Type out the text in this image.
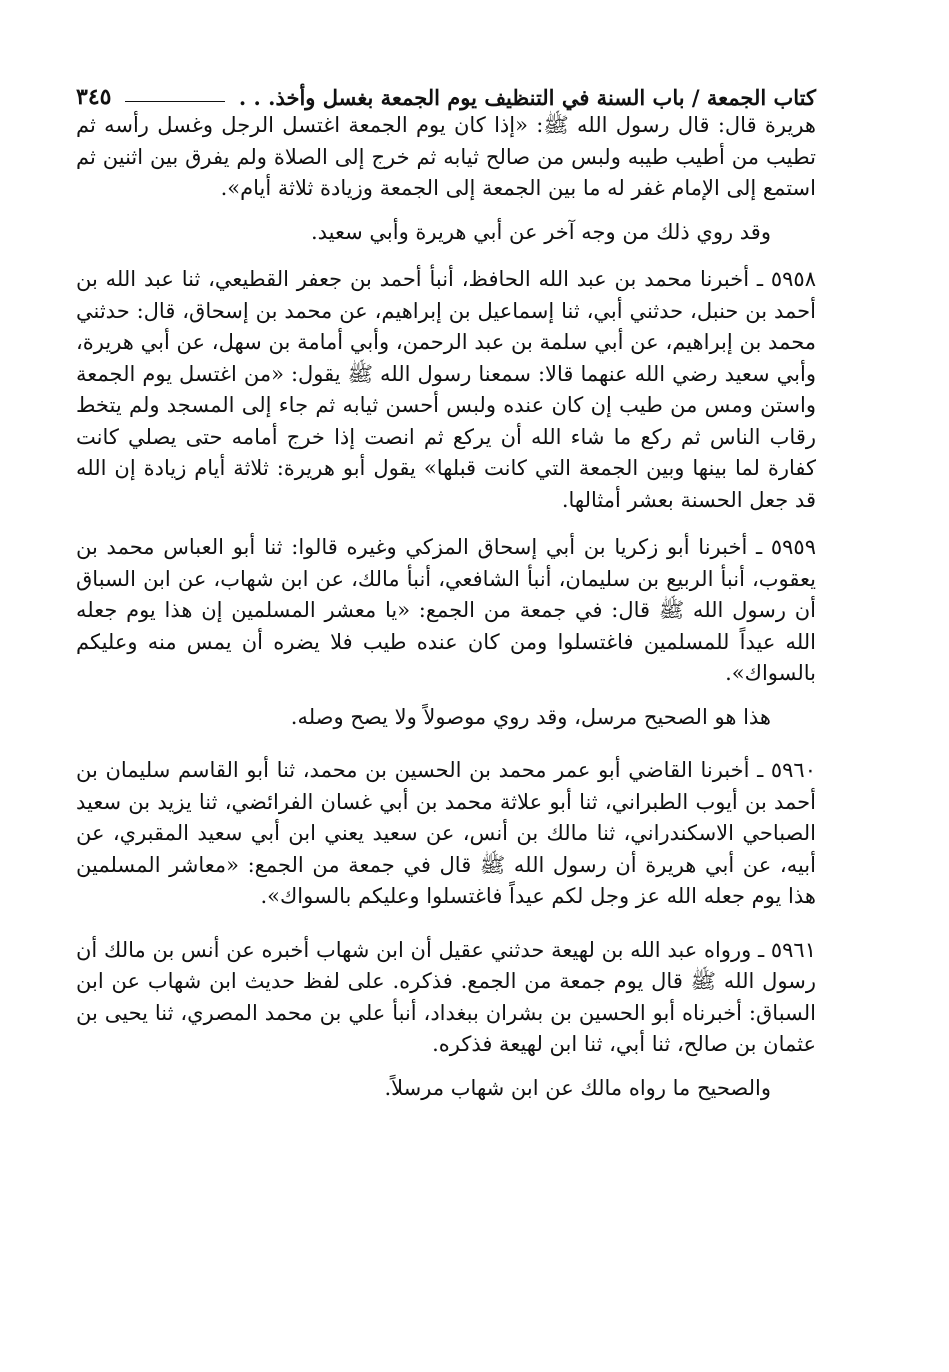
كتاب الجمعة / باب السنة في التنظيف يوم الجمعة بغسل وأخذ. . .
٣٤٥

هريرة قال: قال رسول الله ﷺ: «إذا كان يوم الجمعة اغتسل الرجل وغسل رأسه ثم تطيب من أطيب طيبه ولبس من صالح ثيابه ثم خرج إلى الصلاة ولم يفرق بين اثنين ثم استمع إلى الإمام غفر له ما بين الجمعة إلى الجمعة وزيادة ثلاثة أيام».

وقد روي ذلك من وجه آخر عن أبي هريرة وأبي سعيد.

٥٩٥٨ ـ أخبرنا محمد بن عبد الله الحافظ، أنبأ أحمد بن جعفر القطيعي، ثنا عبد الله بن أحمد بن حنبل، حدثني أبي، ثنا إسماعيل بن إبراهيم، عن محمد بن إسحاق، قال: حدثني محمد بن إبراهيم، عن أبي سلمة بن عبد الرحمن، وأبي أمامة بن سهل، عن أبي هريرة، وأبي سعيد رضي الله عنهما قالا: سمعنا رسول الله ﷺ يقول: «من اغتسل يوم الجمعة واستن ومس من طيب إن كان عنده ولبس أحسن ثيابه ثم جاء إلى المسجد ولم يتخط رقاب الناس ثم ركع ما شاء الله أن يركع ثم انصت إذا خرج أمامه حتى يصلي كانت كفارة لما بينها وبين الجمعة التي كانت قبلها» يقول أبو هريرة: ثلاثة أيام زيادة إن الله قد جعل الحسنة بعشر أمثالها.

٥٩٥٩ ـ أخبرنا أبو زكريا بن أبي إسحاق المزكي وغيره قالوا: ثنا أبو العباس محمد بن يعقوب، أنبأ الربيع بن سليمان، أنبأ الشافعي، أنبأ مالك، عن ابن شهاب، عن ابن السباق أن رسول الله ﷺ قال: في جمعة من الجمع: «يا معشر المسلمين إن هذا يوم جعله الله عيداً للمسلمين فاغتسلوا ومن كان عنده طيب فلا يضره أن يمس منه وعليكم بالسواك».

هذا هو الصحيح مرسل، وقد روي موصولاً ولا يصح وصله.

٥٩٦٠ ـ أخبرنا القاضي أبو عمر محمد بن الحسين بن محمد، ثنا أبو القاسم سليمان بن أحمد بن أيوب الطبراني، ثنا أبو علاثة محمد بن أبي غسان الفرائضي، ثنا يزيد بن سعيد الصباحي الاسكندراني، ثنا مالك بن أنس، عن سعيد يعني ابن أبي سعيد المقبري، عن أبيه، عن أبي هريرة أن رسول الله ﷺ قال في جمعة من الجمع: «معاشر المسلمين هذا يوم جعله الله عز وجل لكم عيداً فاغتسلوا وعليكم بالسواك».

٥٩٦١ ـ ورواه عبد الله بن لهيعة حدثني عقيل أن ابن شهاب أخبره عن أنس بن مالك أن رسول الله ﷺ قال يوم جمعة من الجمع. فذكره. على لفظ حديث ابن شهاب عن ابن السباق: أخبرناه أبو الحسين بن بشران ببغداد، أنبأ علي بن محمد المصري، ثنا يحيى بن عثمان بن صالح، ثنا أبي، ثنا ابن لهيعة فذكره.

والصحيح ما رواه مالك عن ابن شهاب مرسلاً.
